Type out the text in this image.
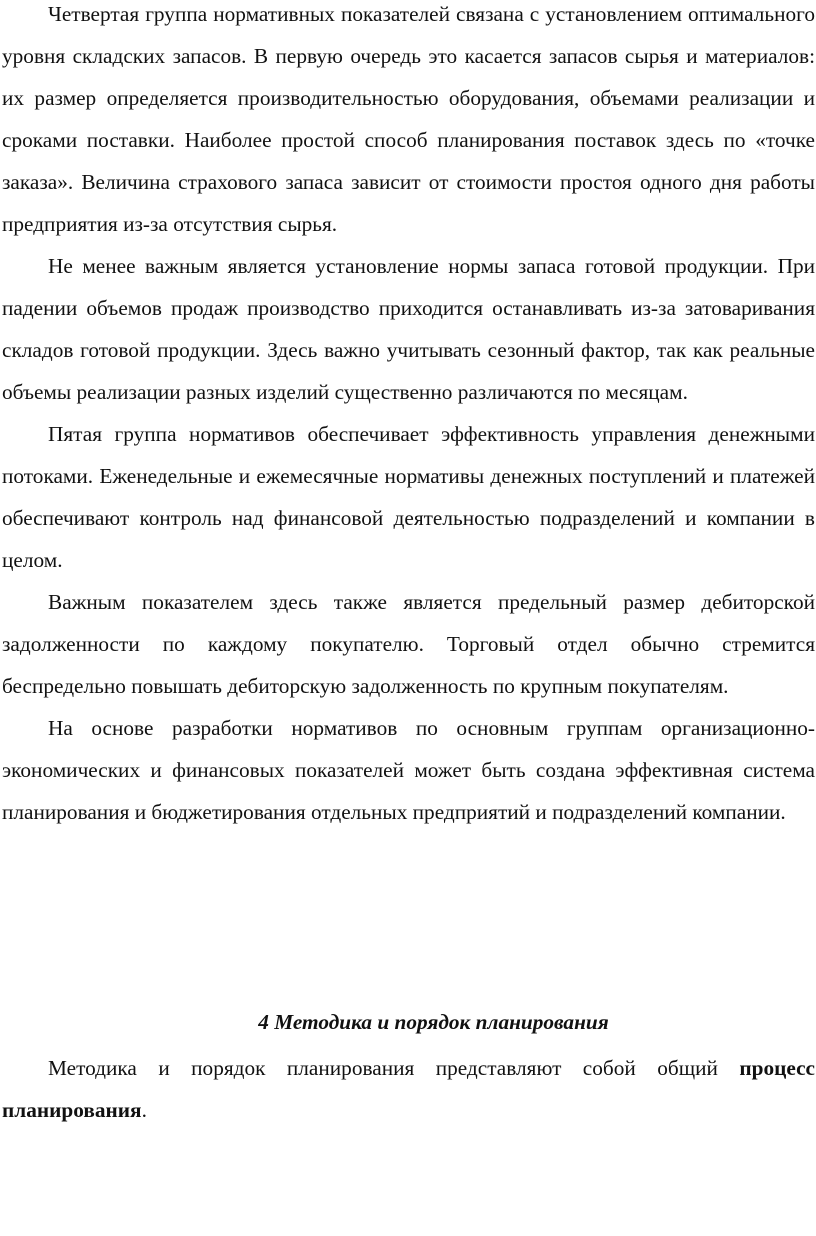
Четвертая группа нормативных показателей связана с установлением оптимального уровня складских запасов. В первую очередь это касается запасов сырья и материалов: их размер определяется производительностью оборудования, объемами реализации и сроками поставки. Наиболее простой способ планирования поставок здесь по «точке заказа». Величина страхового запаса зависит от стоимости простоя одного дня работы предприятия из-за отсутствия сырья.

Не менее важным является установление нормы запаса готовой продукции. При падении объемов продаж производство приходится останавливать из-за затоваривания складов готовой продукции. Здесь важно учитывать сезонный фактор, так как реальные объемы реализации разных изделий существенно различаются по месяцам.

Пятая группа нормативов обеспечивает эффективность управления денежными потоками. Еженедельные и ежемесячные нормативы денежных поступлений и платежей обеспечивают контроль над финансовой деятельностью подразделений и компании в целом.

Важным показателем здесь также является предельный размер дебиторской задолженности по каждому покупателю. Торговый отдел обычно стремится беспредельно повышать дебиторскую задолженность по крупным покупателям.

На основе разработки нормативов по основным группам организационно-экономических и финансовых показателей может быть создана эффективная система планирования и бюджетирования отдельных предприятий и подразделений компании.

4 Методика и порядок планирования

Методика и порядок планирования представляют собой общий процесс планирования.
